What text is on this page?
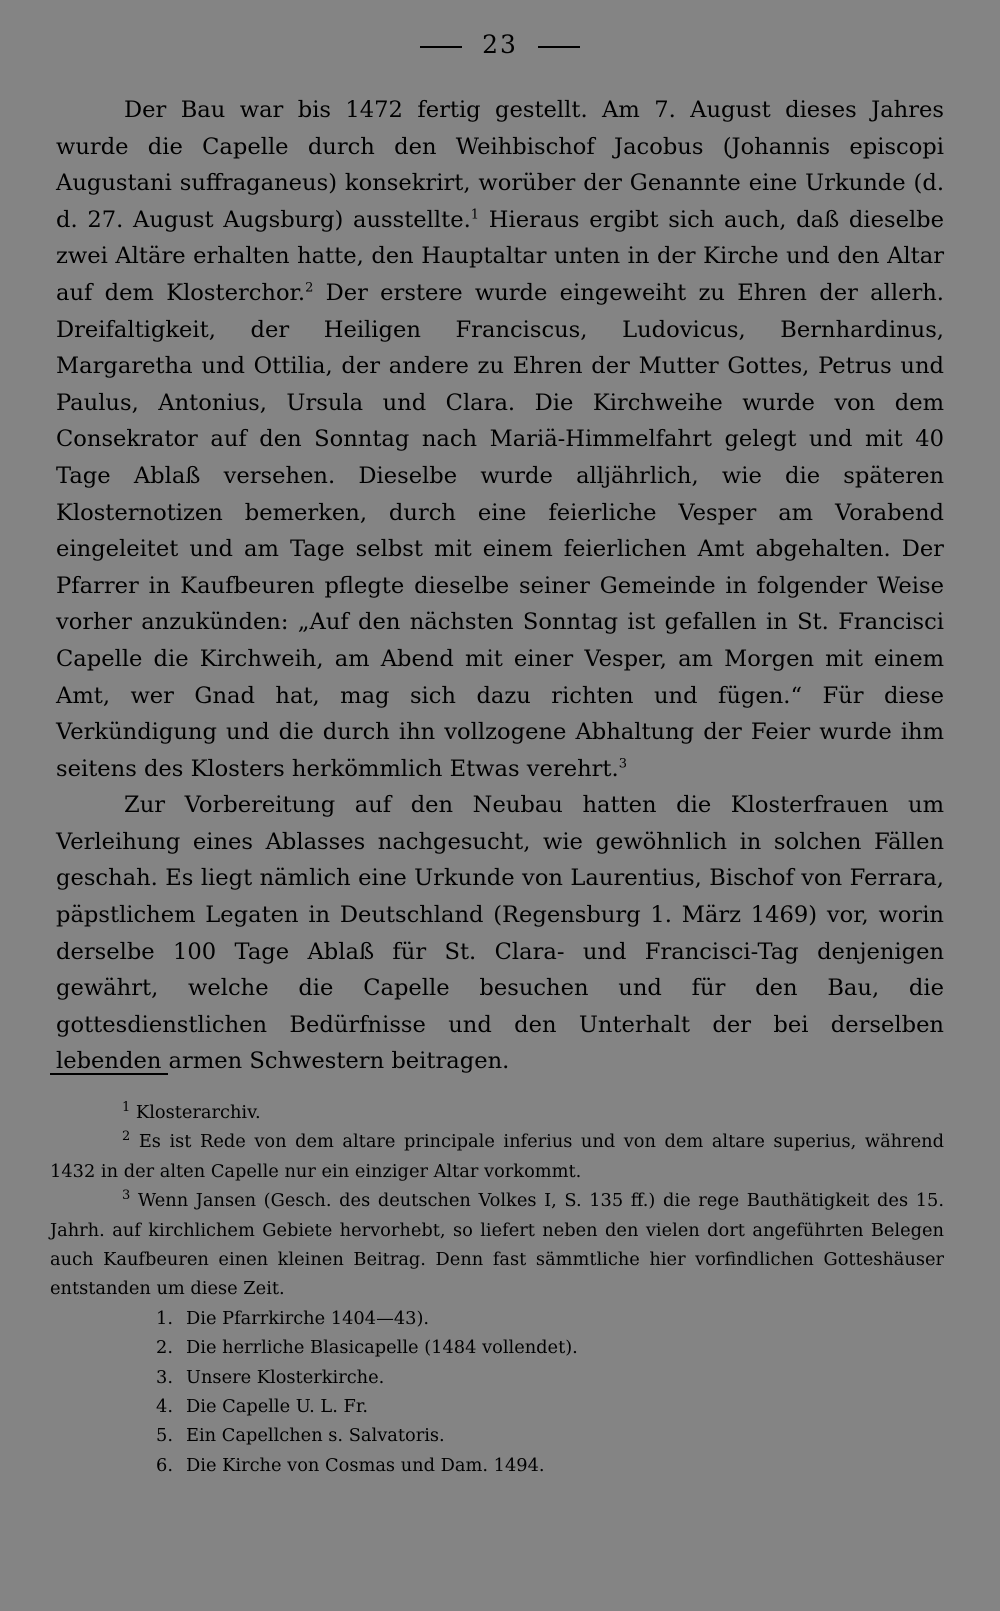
23

Der Bau war bis 1472 fertig gestellt. Am 7. August dieses Jahres wurde die Capelle durch den Weihbischof Jacobus (Johannis episcopi Augustani suffraganeus) konsekrirt, worüber der Genannte eine Urkunde (d. d. 27. August Augsburg) ausstellte.$^1$ Hieraus ergibt sich auch, daß dieselbe zwei Altäre erhalten hatte, den Hauptaltar unten in der Kirche und den Altar auf dem Klosterchor.$^2$ Der erstere wurde eingeweiht zu Ehren der allerh. Dreifaltigkeit, der Heiligen Franciscus, Ludovicus, Bernhardinus, Margaretha und Ottilia, der andere zu Ehren der Mutter Gottes, Petrus und Paulus, Antonius, Ursula und Clara. Die Kirchweihe wurde von dem Consekrator auf den Sonntag nach Mariä-Himmelfahrt gelegt und mit 40 Tage Ablaß versehen. Dieselbe wurde alljährlich, wie die späteren Klosternotizen bemerken, durch eine feierliche Vesper am Vorabend eingeleitet und am Tage selbst mit einem feierlichen Amt abgehalten. Der Pfarrer in Kaufbeuren pflegte dieselbe seiner Gemeinde in folgender Weise vorher anzukünden: „Auf den nächsten Sonntag ist gefallen in St. Francisci Capelle die Kirchweih, am Abend mit einer Vesper, am Morgen mit einem Amt, wer Gnad hat, mag sich dazu richten und fügen.“ Für diese Verkündigung und die durch ihn vollzogene Abhaltung der Feier wurde ihm seitens des Klosters herkömmlich Etwas verehrt.$^3$

Zur Vorbereitung auf den Neubau hatten die Klosterfrauen um Verleihung eines Ablasses nachgesucht, wie gewöhnlich in solchen Fällen geschah. Es liegt nämlich eine Urkunde von Laurentius, Bischof von Ferrara, päpstlichem Legaten in Deutschland (Regensburg 1. März 1469) vor, worin derselbe 100 Tage Ablaß für St. Clara- und Francisci-Tag denjenigen gewährt, welche die Capelle besuchen und für den Bau, die gottesdienstlichen Bedürfnisse und den Unterhalt der bei derselben lebenden armen Schwestern beitragen.

$^1$ Klosterarchiv.

$^2$ Es ist Rede von dem altare principale inferius und von dem altare superius, während 1432 in der alten Capelle nur ein einziger Altar vorkommt.

$^3$ Wenn Jansen (Gesch. des deutschen Volkes I, S. 135 ff.) die rege Bauthätigkeit des 15. Jahrh. auf kirchlichem Gebiete hervorhebt, so liefert neben den vielen dort angeführten Belegen auch Kaufbeuren einen kleinen Beitrag. Denn fast sämmtliche hier vorfindlichen Gotteshäuser entstanden um diese Zeit.

1. Die Pfarrkirche 1404—43).
2. Die herrliche Blasicapelle (1484 vollendet).
3. Unsere Klosterkirche.
4. Die Capelle U. L. Fr.
5. Ein Capellchen s. Salvatoris.
6. Die Kirche von Cosmas und Dam. 1494.
